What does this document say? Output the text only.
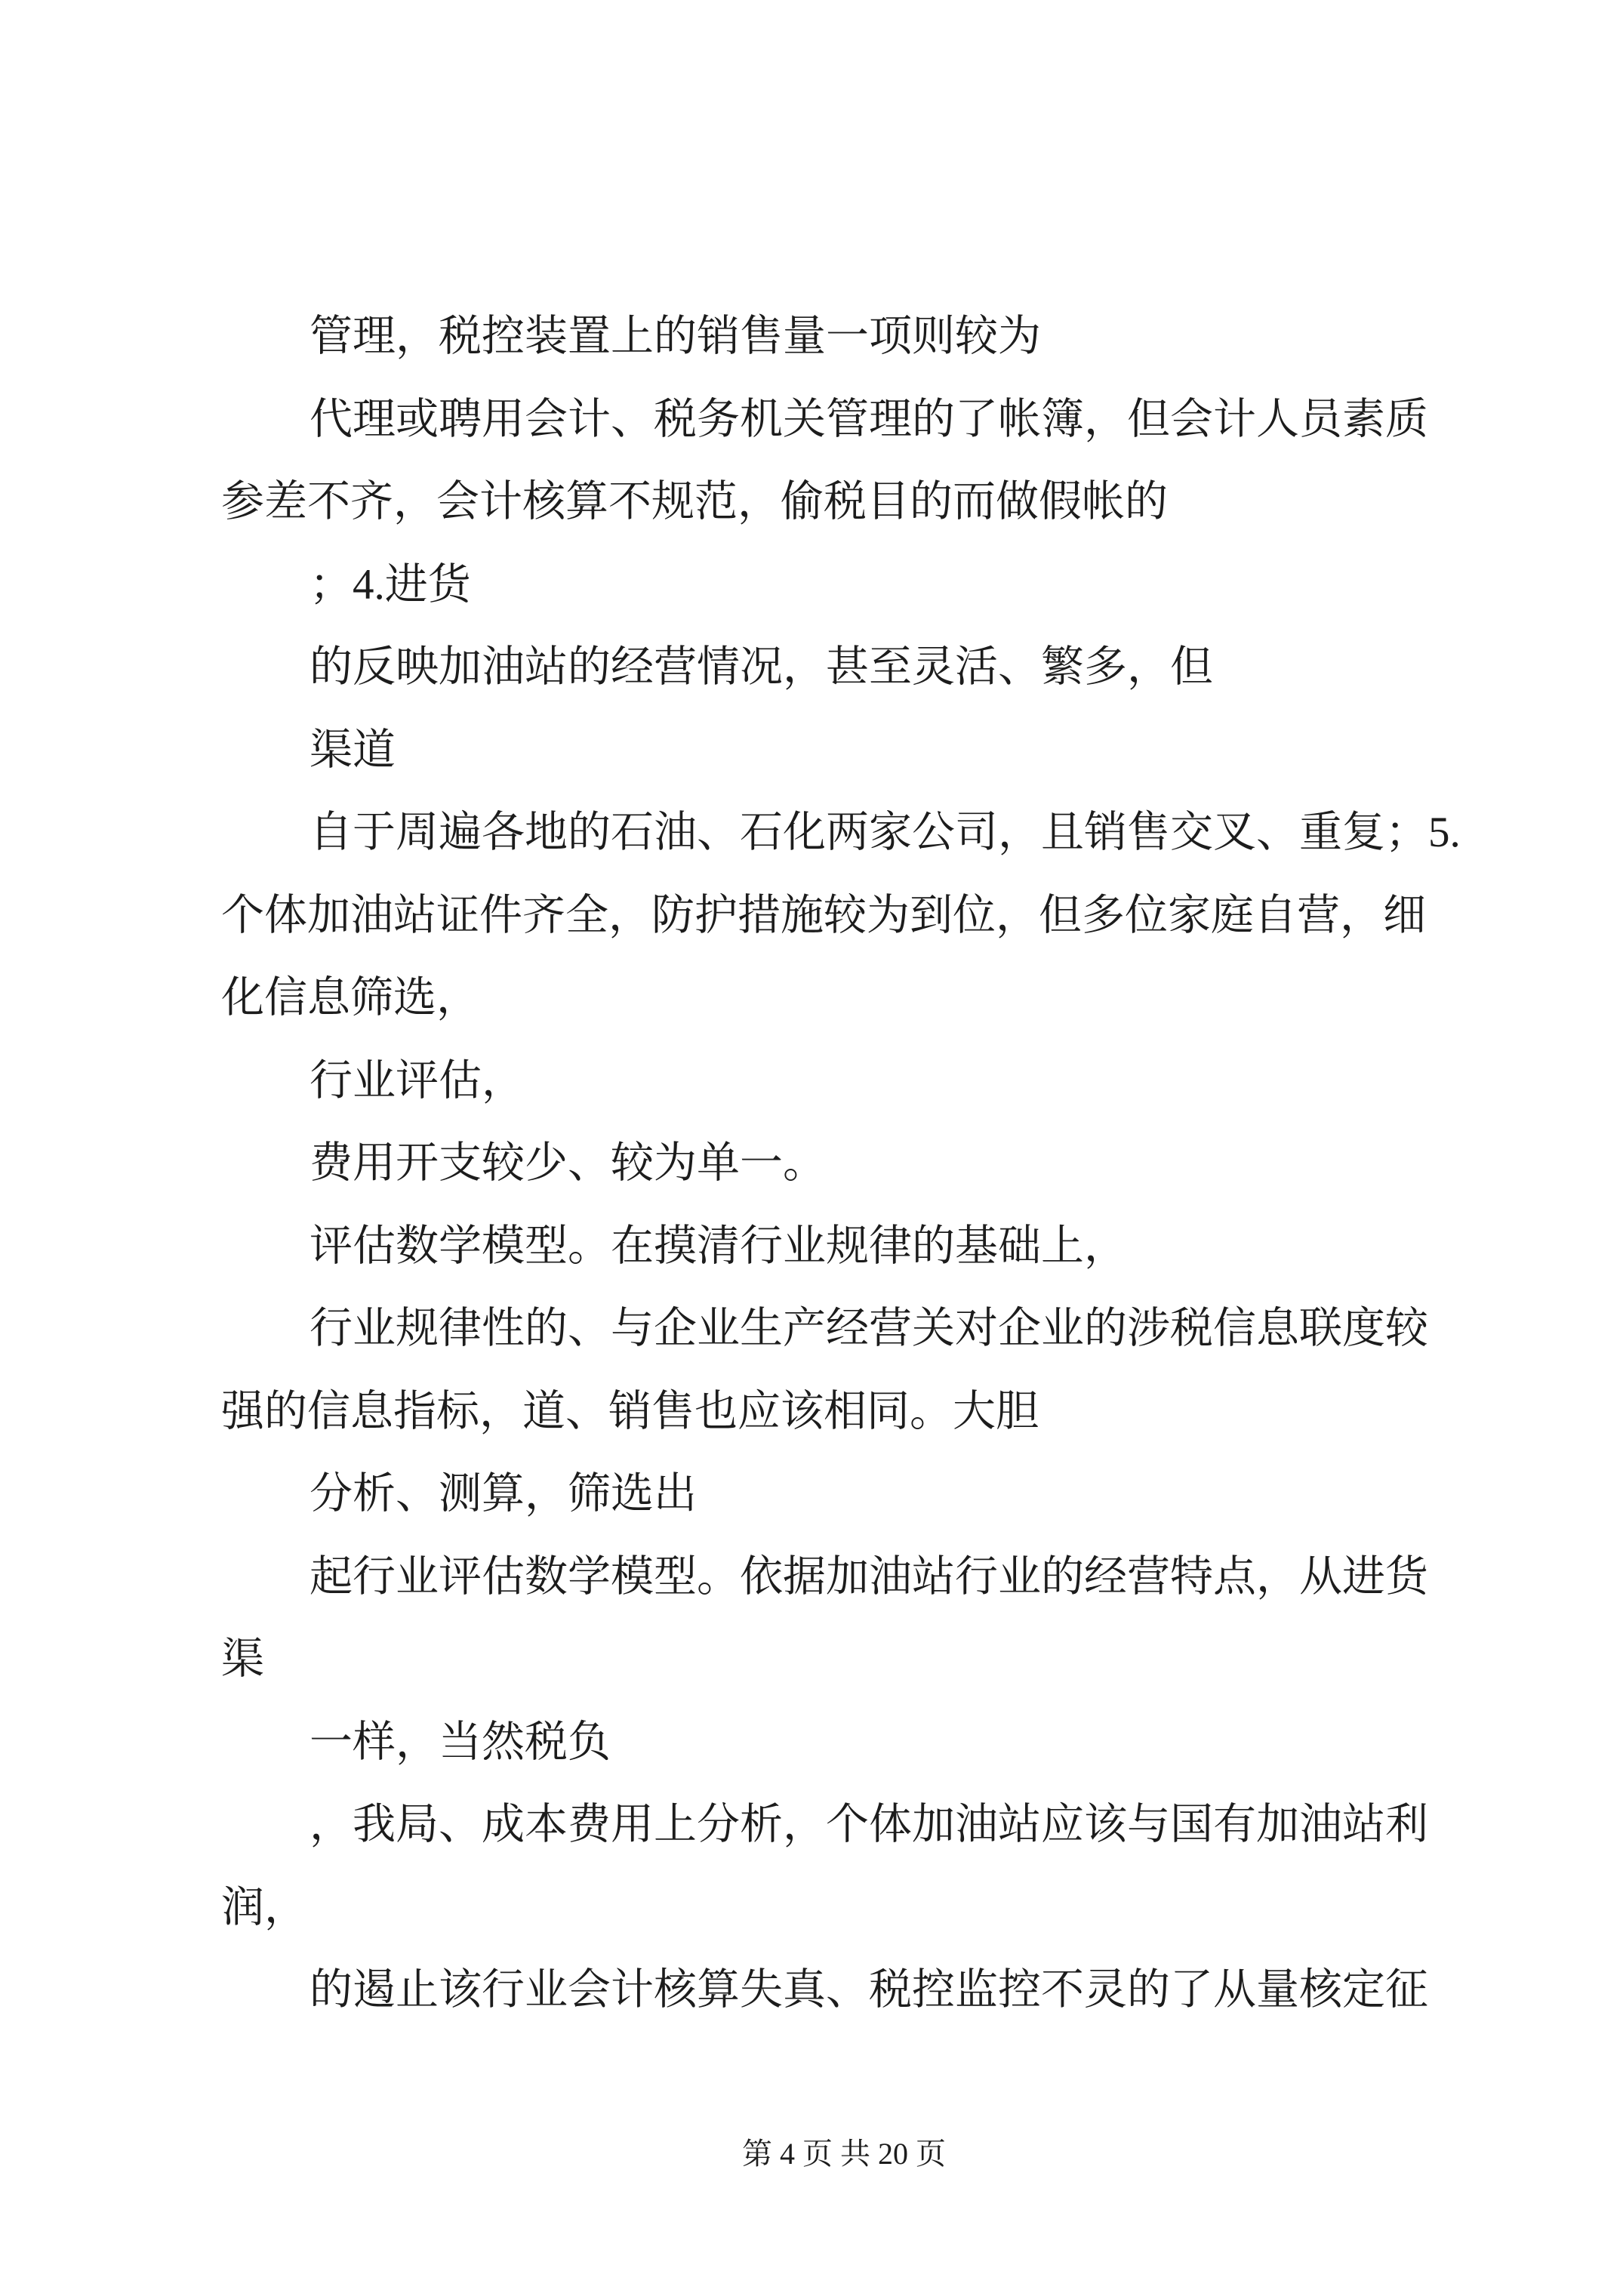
管理，税控装置上的销售量一项则较为
代理或聘用会计、税务机关管理的了帐簿，但会计人员素质
参差不齐，会计核算不规范，偷税目的而做假帐的
；4.进货
的反映加油站的经营情况，甚至灵活、繁多，但
渠道
自于周遍各地的石油、石化两家公司，且销售交叉、重复；5.
个体加油站证件齐全，防护措施较为到位，但多位家庭自营，细
化信息筛选，
行业评估，
费用开支较少、较为单一。
评估数学模型。在摸清行业规律的基础上，
行业规律性的、与企业生产经营关对企业的涉税信息联度较
强的信息指标，道、销售也应该相同。大胆
分析、测算，筛选出
起行业评估数学模型。依据加油站行业的经营特点，从进货
渠
一样，当然税负
，我局、成本费用上分析，个体加油站应该与国有加油站利
润，
的遏止该行业会计核算失真、税控监控不灵的了从量核定征
第 4 页 共 20 页
